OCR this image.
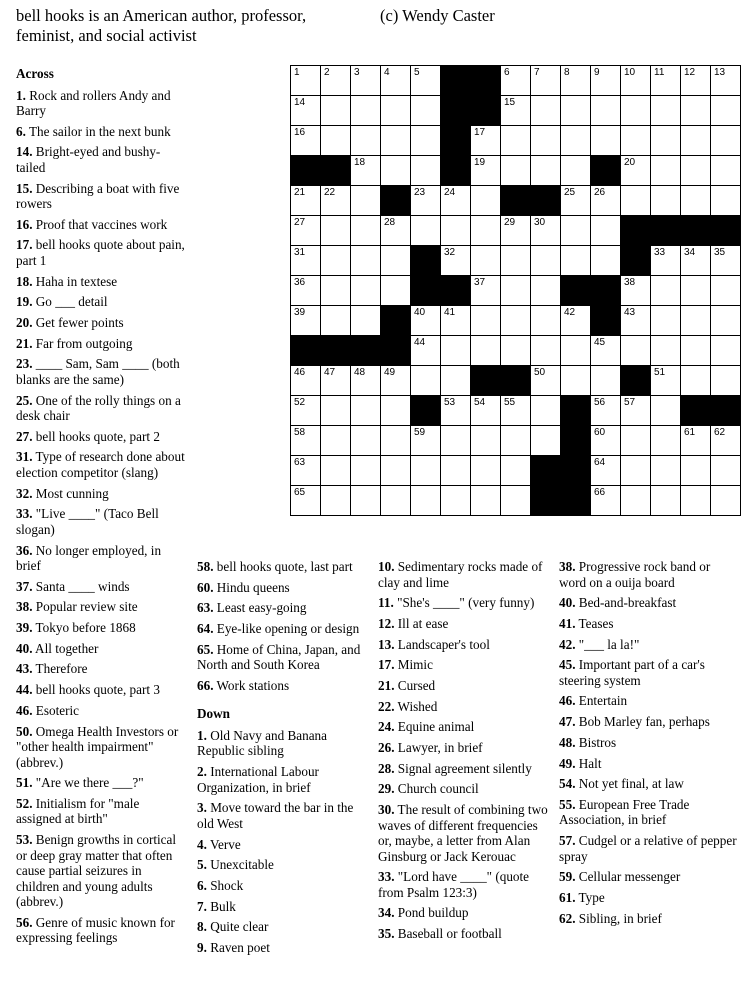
bell hooks is an American author, professor, feminist, and social activist
(c) Wendy Caster
Across
1. Rock and rollers Andy and Barry
6. The sailor in the next bunk
14. Bright-eyed and bushy-tailed
15. Describing a boat with five rowers
16. Proof that vaccines work
17. bell hooks quote about pain, part 1
18. Haha in textese
19. Go ___ detail
20. Get fewer points
21. Far from outgoing
23. ____ Sam, Sam ____ (both blanks are the same)
25. One of the rolly things on a desk chair
27. bell hooks quote, part 2
31. Type of research done about election competitor (slang)
32. Most cunning
33. "Live ____" (Taco Bell slogan)
36. No longer employed, in brief
37. Santa ____ winds
38. Popular review site
39. Tokyo before 1868
40. All together
43. Therefore
44. bell hooks quote, part 3
46. Esoteric
50. Omega Health Investors or "other health impairment" (abbrev.)
51. "Are we there ___?"
52. Initialism for "male assigned at birth"
53. Benign growths in cortical or deep gray matter that often cause partial seizures in children and young adults (abbrev.)
56. Genre of music known for expressing feelings
58. bell hooks quote, last part
60. Hindu queens
63. Least easy-going
64. Eye-like opening or design
65. Home of China, Japan, and North and South Korea
66. Work stations
Down
1. Old Navy and Banana Republic sibling
2. International Labour Organization, in brief
3. Move toward the bar in the old West
4. Verve
5. Unexcitable
6. Shock
7. Bulk
8. Quite clear
9. Raven poet
10. Sedimentary rocks made of clay and lime
11. "She's ____" (very funny)
12. Ill at ease
13. Landscaper's tool
17. Mimic
21. Cursed
22. Wished
24. Equine animal
26. Lawyer, in brief
28. Signal agreement silently
29. Church council
30. The result of combining two waves of different frequencies or, maybe, a letter from Alan Ginsburg or Jack Kerouac
33. "Lord have ____" (quote from Psalm 123:3)
34. Pond buildup
35. Baseball or football
38. Progressive rock band or word on a ouija board
40. Bed-and-breakfast
41. Teases
42. "___ la la!"
45. Important part of a car's steering system
46. Entertain
47. Bob Marley fan, perhaps
48. Bistros
49. Halt
54. Not yet final, at law
55. European Free Trade Association, in brief
57. Cudgel or a relative of pepper spray
59. Cellular messenger
61. Type
62. Sibling, in brief
1 2 3 4 5	6 7 8 9 10 11 12 13
14	15
16	17
18	19	20
21 22	23 24	25 26
27	28	29 30
31	32	33 34 35
36	37	38
39	40 41	42	43
44	45
46 47 48 49	50	51
52	53 54 55	56 57
58	59	60	61 62
63	64
65	66
